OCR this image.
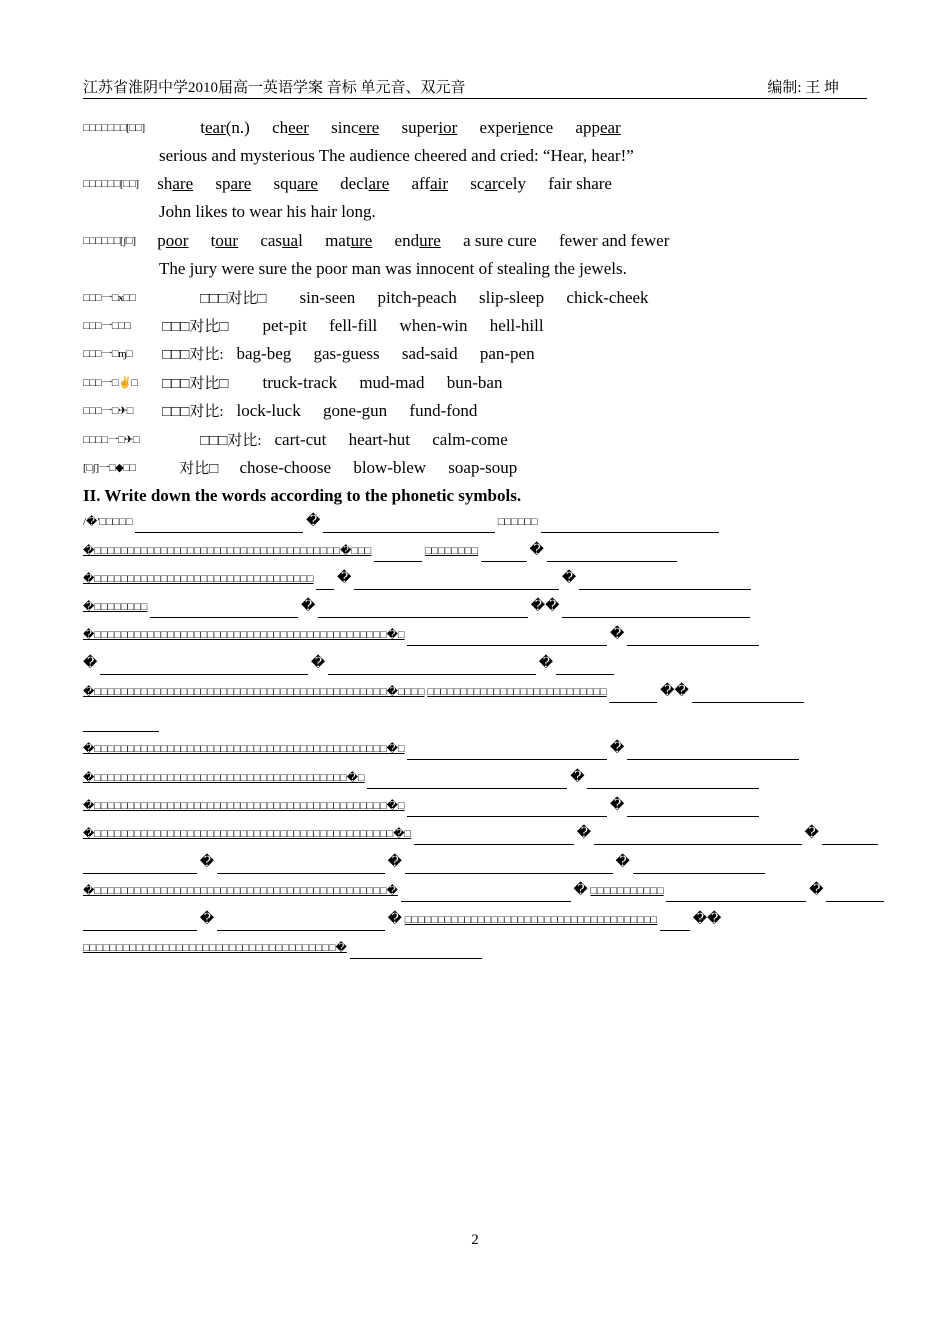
江苏省淮阴中学2010届高一英语学案 音标 单元音、双元音	编制: 王 坤
□□□□□□□[□□]	tear(n.) cheer sincere superior experience appear
serious and mysterious The audience cheered and cried: “Hear, hear!”
□□□□□□[□□] share spare square declare affair scarcely fair share
John likes to wear his hair long.
□□□□□□[ʃ□] poor tour casual mature endure a sure cure fewer and fewer
The jury were sure the poor man was innocent of stealing the jewels.
□□□一□ӿ□□	□□□对比□ sin-seen pitch-peach slip-sleep chick-cheek
□□□一□□□ □□□对比□ pet-pit fell-fill when-win hell-hill
□□□一□ɱ□ □□□对比: bag-beg gas-guess sad-said pan-pen
□□□一□✌□ □□□对比□ truck-track mud-mad bun-ban
□□□一□✈□ □□□对比: lock-luck gone-gun fund-fond
□□□□一□✈□	□□□对比: cart-cut heart-hut calm-come
[□ʃ]一□◆□□	对比□ chose-choose blow-blew soap-soup
II. Write down the words according to the phonetic symbols.
/�'□□□□□	�	□□□□□□
�□□□□□□□□□□□□□□□□□□□□□□□□□□□□□□□□□□□□□�□□□	□□□□□□□□	�
�□□□□□□□□□□□□□□□□□□□□□□□□□□□□□□□□□ �	�
�□□□□□□□□	�	��
�□□□□□□□□□□□□□□□□□□□□□□□□□□□□□□□□□□□□□□□□□□□□�□	�
�	�	�
�□□□□□□□□□□□□□□□□□□□□□□□□□□□□□□□□□□□□□□□□□□□□�□□□□ □□□□□□□□□□□□□□□□□□□□□□□□□□□	��
�□□□□□□□□□□□□□□□□□□□□□□□□□□□□□□□□□□□□□□□□□□□□�□	�
�□□□□□□□□□□□□□□□□□□□□□□□□□□□□□□□□□□□□□□�□	�
�□□□□□□□□□□□□□□□□□□□□□□□□□□□□□□□□□□□□□□□□□□□□�□	�
�□□□□□□□□□□□□□□□□□□□□□□□□□□□□□□□□□□□□□□□□□□□□□�□	�	�
�	�	�
�□□□□□□□□□□□□□□□□□□□□□□□□□□□□□□□□□□□□□□□□□□□□�	� □□□□□□□□□□□	�
�	� □□□□□□□□□□□□□□□□□□□□□□□□□□□□□□□□□□□□□□	��
□□□□□□□□□□□□□□□□□□□□□□□□□□□□□□□□□□□□□□�
2
